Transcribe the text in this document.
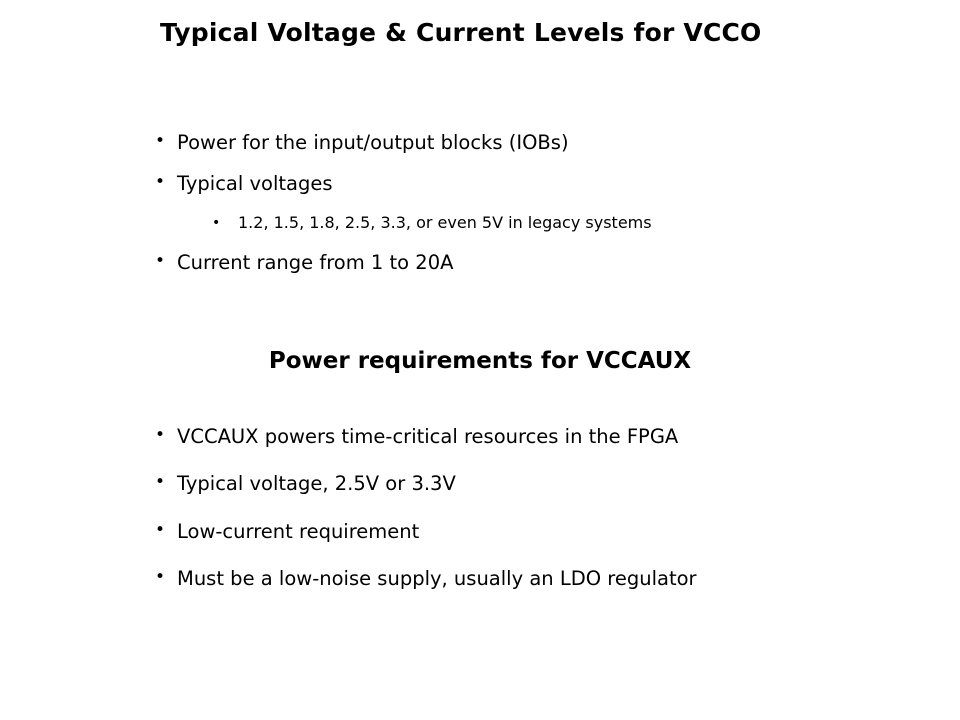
Typical Voltage & Current Levels for VCCO
• Power for the input/output blocks (IOBs)
• Typical voltages
•	1.2, 1.5, 1.8, 2.5, 3.3, or even 5V in legacy systems
• Current range from 1 to 20A
Power requirements for VCCAUX
• VCCAUX powers time-critical resources in the FPGA
• Typical voltage, 2.5V or 3.3V
• Low-current requirement
• Must be a low-noise supply, usually an LDO regulator
